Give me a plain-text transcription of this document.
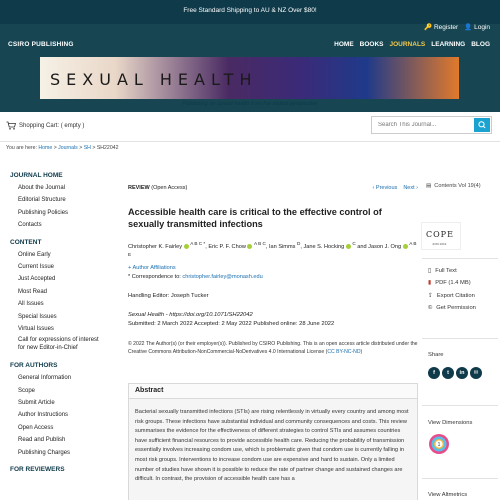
Free Standard Shipping to AU & NZ Over $80!
🔑 Register 👤 Login
CSIRO PUBLISHING	HOME BOOKS JOURNALS LEARNING BLOG
SEXUAL HEALTH
Publishing on sexual health from the widest perspective
Shopping Cart: ( empty )
Search This Journal...
You are here: Home > Journals > SH > SH22042
JOURNAL HOME
About the Journal
Editorial Structure
Publishing Policies
Contacts
CONTENT
Online Early
Current Issue
Just Accepted
Most Read
All Issues
Special Issues
Virtual Issues
Call for expressions of interest for new Editor-in-Chief
FOR AUTHORS
General Information
Scope
Submit Article
Author Instructions
Open Access
Read and Publish
Publishing Charges
FOR REVIEWERS
REVIEW (Open Access)	‹ Previous Next › ▤ Contents Vol 19(4)
Accessible health care is critical to the effective control of sexually transmitted infections
Christopher K. Fairley  $^{A B C *}$, Eric P. F. Chow  $^{A B C}$, Ian Simms $^D$, Jane S. Hocking  $^C$ and Jason J. Ong  $^{A B E}$
+ Author Affiliations
* Correspondence to: christopher.fairley@monash.edu
Handling Editor: Joseph Tucker
Sexual Health - https://doi.org/10.1071/SH22042
Submitted: 2 March 2022 Accepted: 2 May 2022 Published online: 28 June 2022
© 2022 The Author(s) (or their employer(s)). Published by CSIRO Publishing. This is an open access article distributed under the Creative Commons Attribution-NonCommercial-NoDerivatives 4.0 International License (CC BY-NC-ND)
Abstract
Bacterial sexually transmitted infections (STIs) are rising relentlessly in virtually every country and among most risk groups. These infections have substantial individual and community consequences and costs. This review summarises the evidence for the effectiveness of different strategies to control STIs and assumes countries have sufficient financial resources to provide accessible health care. Reducing the probability of transmission essentially involves increasing condom use, which is problematic given that condom use is currently falling in most risk groups. Interventions to increase condom use are expensive and hard to sustain. Only a limited number of studies have shown it is possible to reduce the rate of partner change and sustained changes are difficult. In contrast, the provision of accessible health care has a
COPE
JOIN 2019
▯ Full Text
▮ PDF (1.4 MB)
⇪ Export Citation
© Get Permission
Share
f	t	in	✉
View Dimensions
1
View Altmetrics
